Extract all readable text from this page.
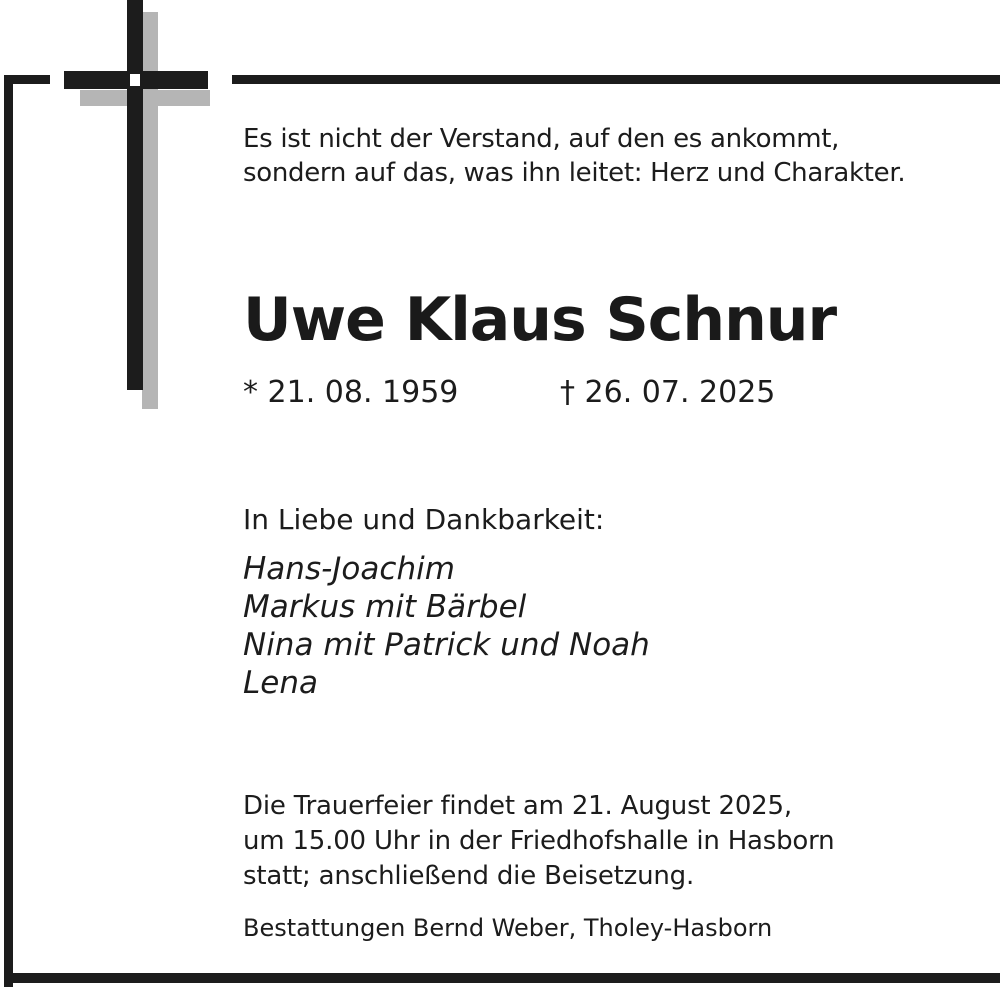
Es ist nicht der Verstand, auf den es ankommt,
sondern auf das, was ihn leitet: Herz und Charakter.
Uwe Klaus Schnur
* 21. 08. 1959	† 26. 07. 2025
In Liebe und Dankbarkeit:
Hans-Joachim
Markus mit Bärbel
Nina mit Patrick und Noah
Lena
Die Trauerfeier findet am 21. August 2025,
um 15.00 Uhr in der Friedhofshalle in Hasborn
statt; anschließend die Beisetzung.
Bestattungen Bernd Weber, Tholey-Hasborn
